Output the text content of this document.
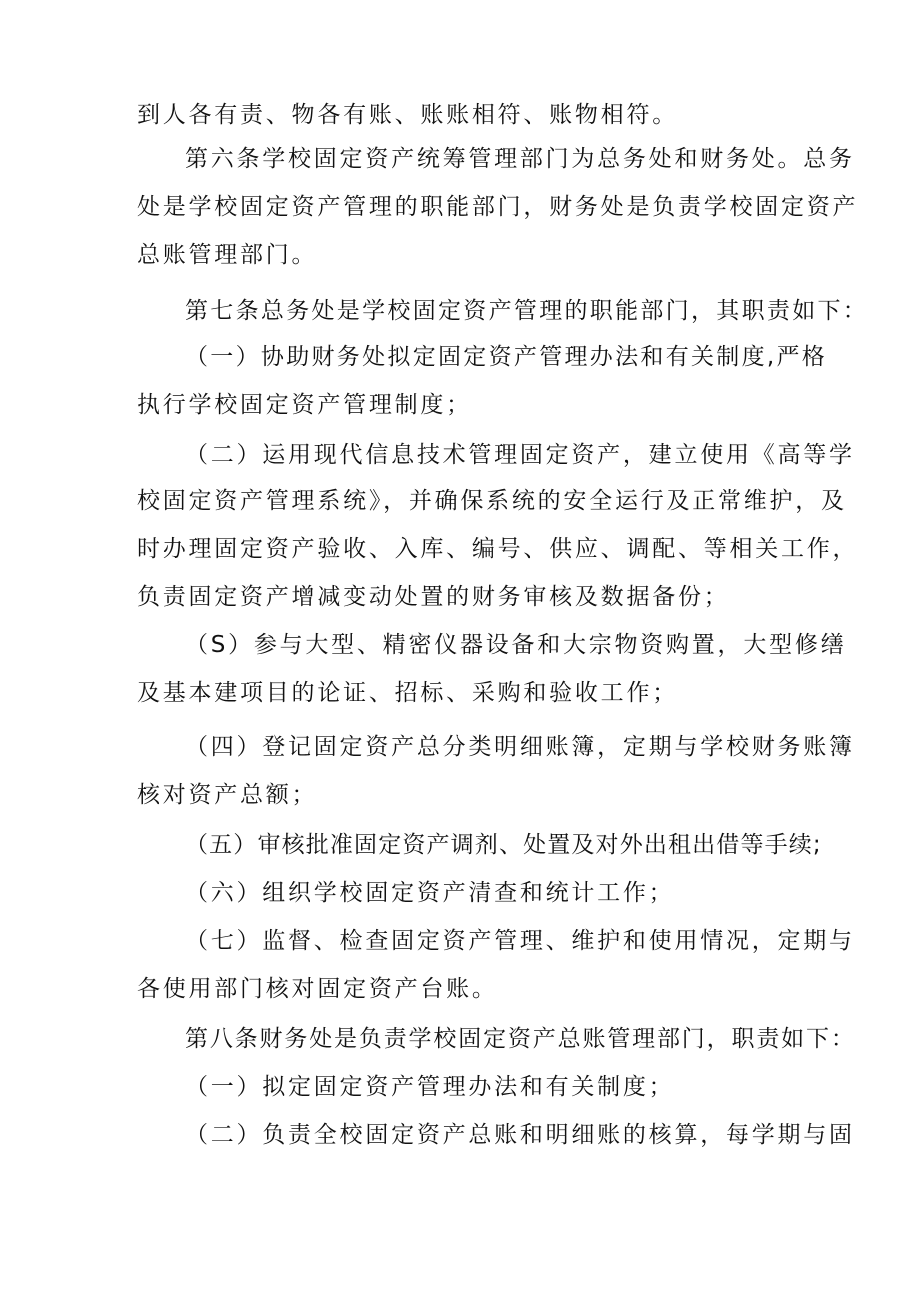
到人各有责、物各有账、账账相符、账物相符。
第六条学校固定资产统筹管理部门为总务处和财务处。总务
处是学校固定资产管理的职能部门，财务处是负责学校固定资产
总账管理部门。
第七条总务处是学校固定资产管理的职能部门，其职责如下：
（一）协助财务处拟定固定资产管理办法和有关制度,严格
执行学校固定资产管理制度；
（二）运用现代信息技术管理固定资产，建立使用《高等学
校固定资产管理系统》，并确保系统的安全运行及正常维护，及
时办理固定资产验收、入库、编号、供应、调配、等相关工作，
负责固定资产增减变动处置的财务审核及数据备份；
（S）参与大型、精密仪器设备和大宗物资购置，大型修缮
及基本建项目的论证、招标、采购和验收工作；
（四）登记固定资产总分类明细账簿，定期与学校财务账簿
核对资产总额；
（五）审核批准固定资产调剂、处置及对外出租出借等手续;
（六）组织学校固定资产清查和统计工作；
（七）监督、检查固定资产管理、维护和使用情况，定期与
各使用部门核对固定资产台账。
第八条财务处是负责学校固定资产总账管理部门，职责如下：
（一）拟定固定资产管理办法和有关制度；
（二）负责全校固定资产总账和明细账的核算，每学期与固
